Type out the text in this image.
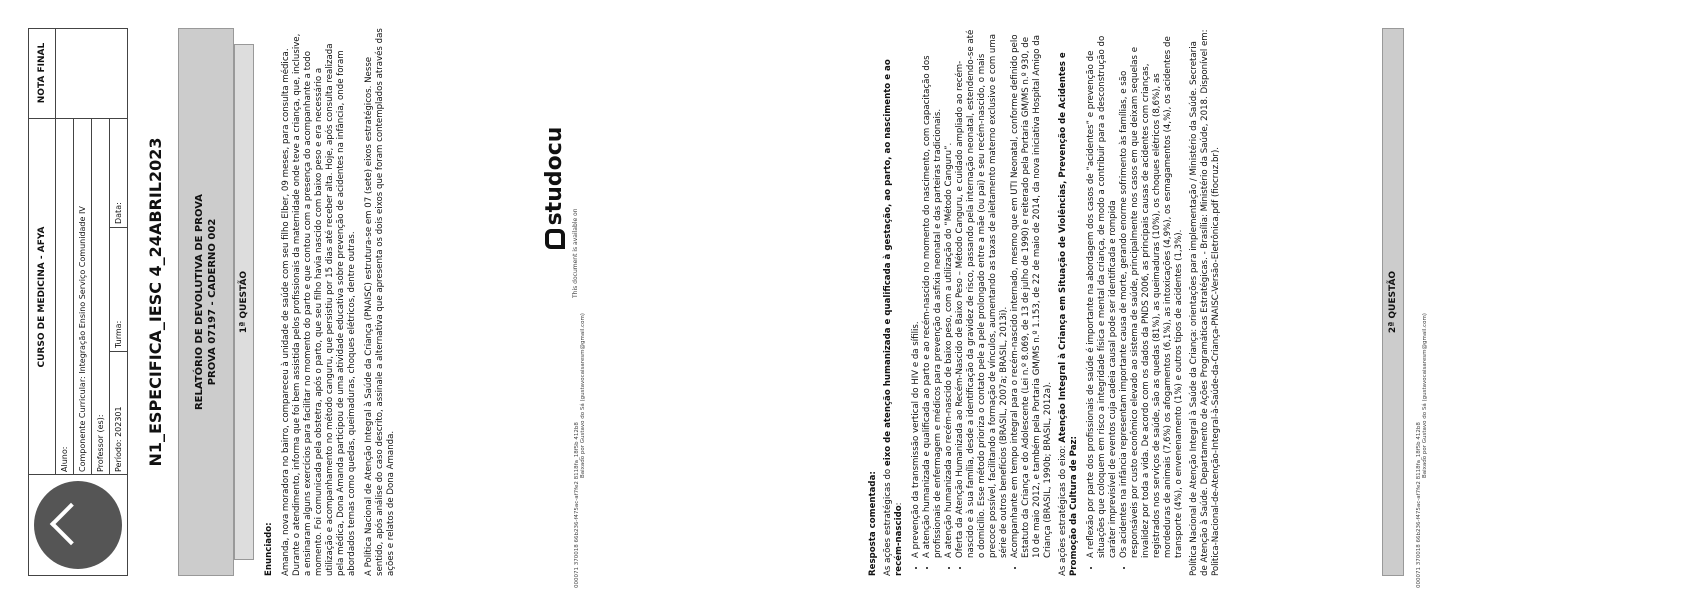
CURSO DE MEDICINA - AFYA
Aluno:	Componente Curricular: Integração Ensino Serviço Comunidade IV	Professor (es):	Período: 202301
Turma:
Data:
NOTA FINAL
N1_ESPECIFICA_IESC 4_24ABRIL2023	RELATÓRIO DE DEVOLUTIVA DE PROVA PROVA 07197 - CADERNO 002	1ª QUESTÃO

Enunciado: Amanda, nova moradora no bairro, compareceu à unidade de saúde com seu filho Elber, 09 meses, para consulta médica. Durante o atendimento, informa que foi bem assistida pelos profissionais da maternidade onde teve a criança, que, inclusive, a ensinaram alguns exercícios para facilitar no momento do parto e que contou com a presença do acompanhante a todo momento. Foi comunicada pela obstetra, após o parto, que seu filho havia nascido com baixo peso e era necessário a utilização e acompanhamento no método canguru, que persistiu por 15 dias até receber alta. Hoje, após consulta realizada pela médica, Dona Amanda participou de uma atividade educativa sobre prevenção de acidentes na infância, onde foram abordados temas como quedas, queimaduras, choques elétricos, dentre outras. A Política Nacional de Atenção Integral à Saúde da Criança (PNAISC) estrutura-se em 07 (sete) eixos estratégicos. Nesse sentido, após análise do caso descrito, assinale a alternativa que apresenta os dois eixos que foram contemplados através das ações e relatos de Dona Amanda.	000071 370018 66b236-f475ac-af7fe2 8118fa_18f5b 412b8
Baixado por Gustavo do Sá (gustavocaisaresm@gmail.com)
This document is available on
studocu

Resposta comentada: As ações estratégicas do eixo de atenção humanizada e qualificada à gestação, ao parto, ao nascimento e ao recém-nascido: • A prevenção da transmissão vertical do HIV e da sífilis. • A atenção humanizada e qualificada ao parto e ao recém-nascido no momento do nascimento, com capacitação dos profissionais de enfermagem e médicos para prevenção da asfixia neonatal e das parteiras tradicionais. • A atenção humanizada ao recém-nascido de baixo peso, com a utilização do “Método Canguru”. • Oferta da Atenção Humanizada ao Recém-Nascido de Baixo Peso – Método Canguru, e cuidado ampliado ao recém-nascido e à sua família, desde a identificação da gravidez de risco, passando pela internação neonatal, estendendo-se até o domicílio. Esse método prioriza o contato pele a pele prolongado entre a mãe (ou pai) e seu recém-nascido, o mais precoce possível, facilitando a formação de vínculos, aumentando as taxas de aleitamento materno exclusivo e com uma série de outros benefícios (BRASIL, 2007a; BRASIL, 2013i). • Acompanhante em tempo integral para o recém-nascido internado, mesmo que em UTI Neonatal, conforme definido pelo Estatuto da Criança e do Adolescente (Lei n.º 8.069, de 13 de julho de 1990) e reiterado pela Portaria GM/MS n.º 930, de 10 de maio 2012, e também pela Portaria GM/MS n.º 1.153, de 22 de maio de 2014, da nova iniciativa Hospital Amigo da Criança (BRASIL, 1990b; BRASIL, 2012a). As ações estratégicas do eixo: Atenção Integral à Criança em Situação de Violências, Prevenção de Acidentes e Promoção da Cultura de Paz: • A reflexão por parte dos profissionais de saúde é importante na abordagem dos casos de “acidentes” e prevenção de situações que coloquem em risco a integridade física e mental da criança, de modo a contribuir para a desconstrução do caráter imprevisível de eventos cuja cadeia causal pode ser identificada e rompida • Os acidentes na infância representam importante causa de morte, gerando enorme sofrimento às famílias, e são responsáveis por custo econômico elevado ao sistema de saúde, principalmente nos casos em que deixam sequelas e invalidez por toda a vida. De acordo com os dados da PNDS 2006, as principais causas de acidentes com crianças, registrados nos serviços de saúde, são as quedas (81%), as queimaduras (10%), os choques elétricos (8,6%), as mordeduras de animais (7,6%) os afogamentos (6,1%), as intoxicações (4,9%), os esmagamentos (4,%), os acidentes de transporte (4%), o envenenamento (1%) e outros tipos de acidentes (1,3%). Política Nacional de Atenção Integral à Saúde da Criança: orientações para implementação / Ministério da Saúde. Secretaria de Atenção à Saúde. Departamento de Ações Programáticas Estratégicas. - Brasília: Ministério da Saúde, 2018. Disponível em: Politica-Nacional-de-Atenção-Integral-à-Saúde-da-Criança-PNAISC-Versão-Eletrônica.pdf (fiocruz.br).	2ª QUESTÃO
000071 370018 66b236-f475ac-af7fe2 8118fa_18f5b 412b8
Baixado por Gustavo do Sá (gustavocaisaresm@gmail.com)
